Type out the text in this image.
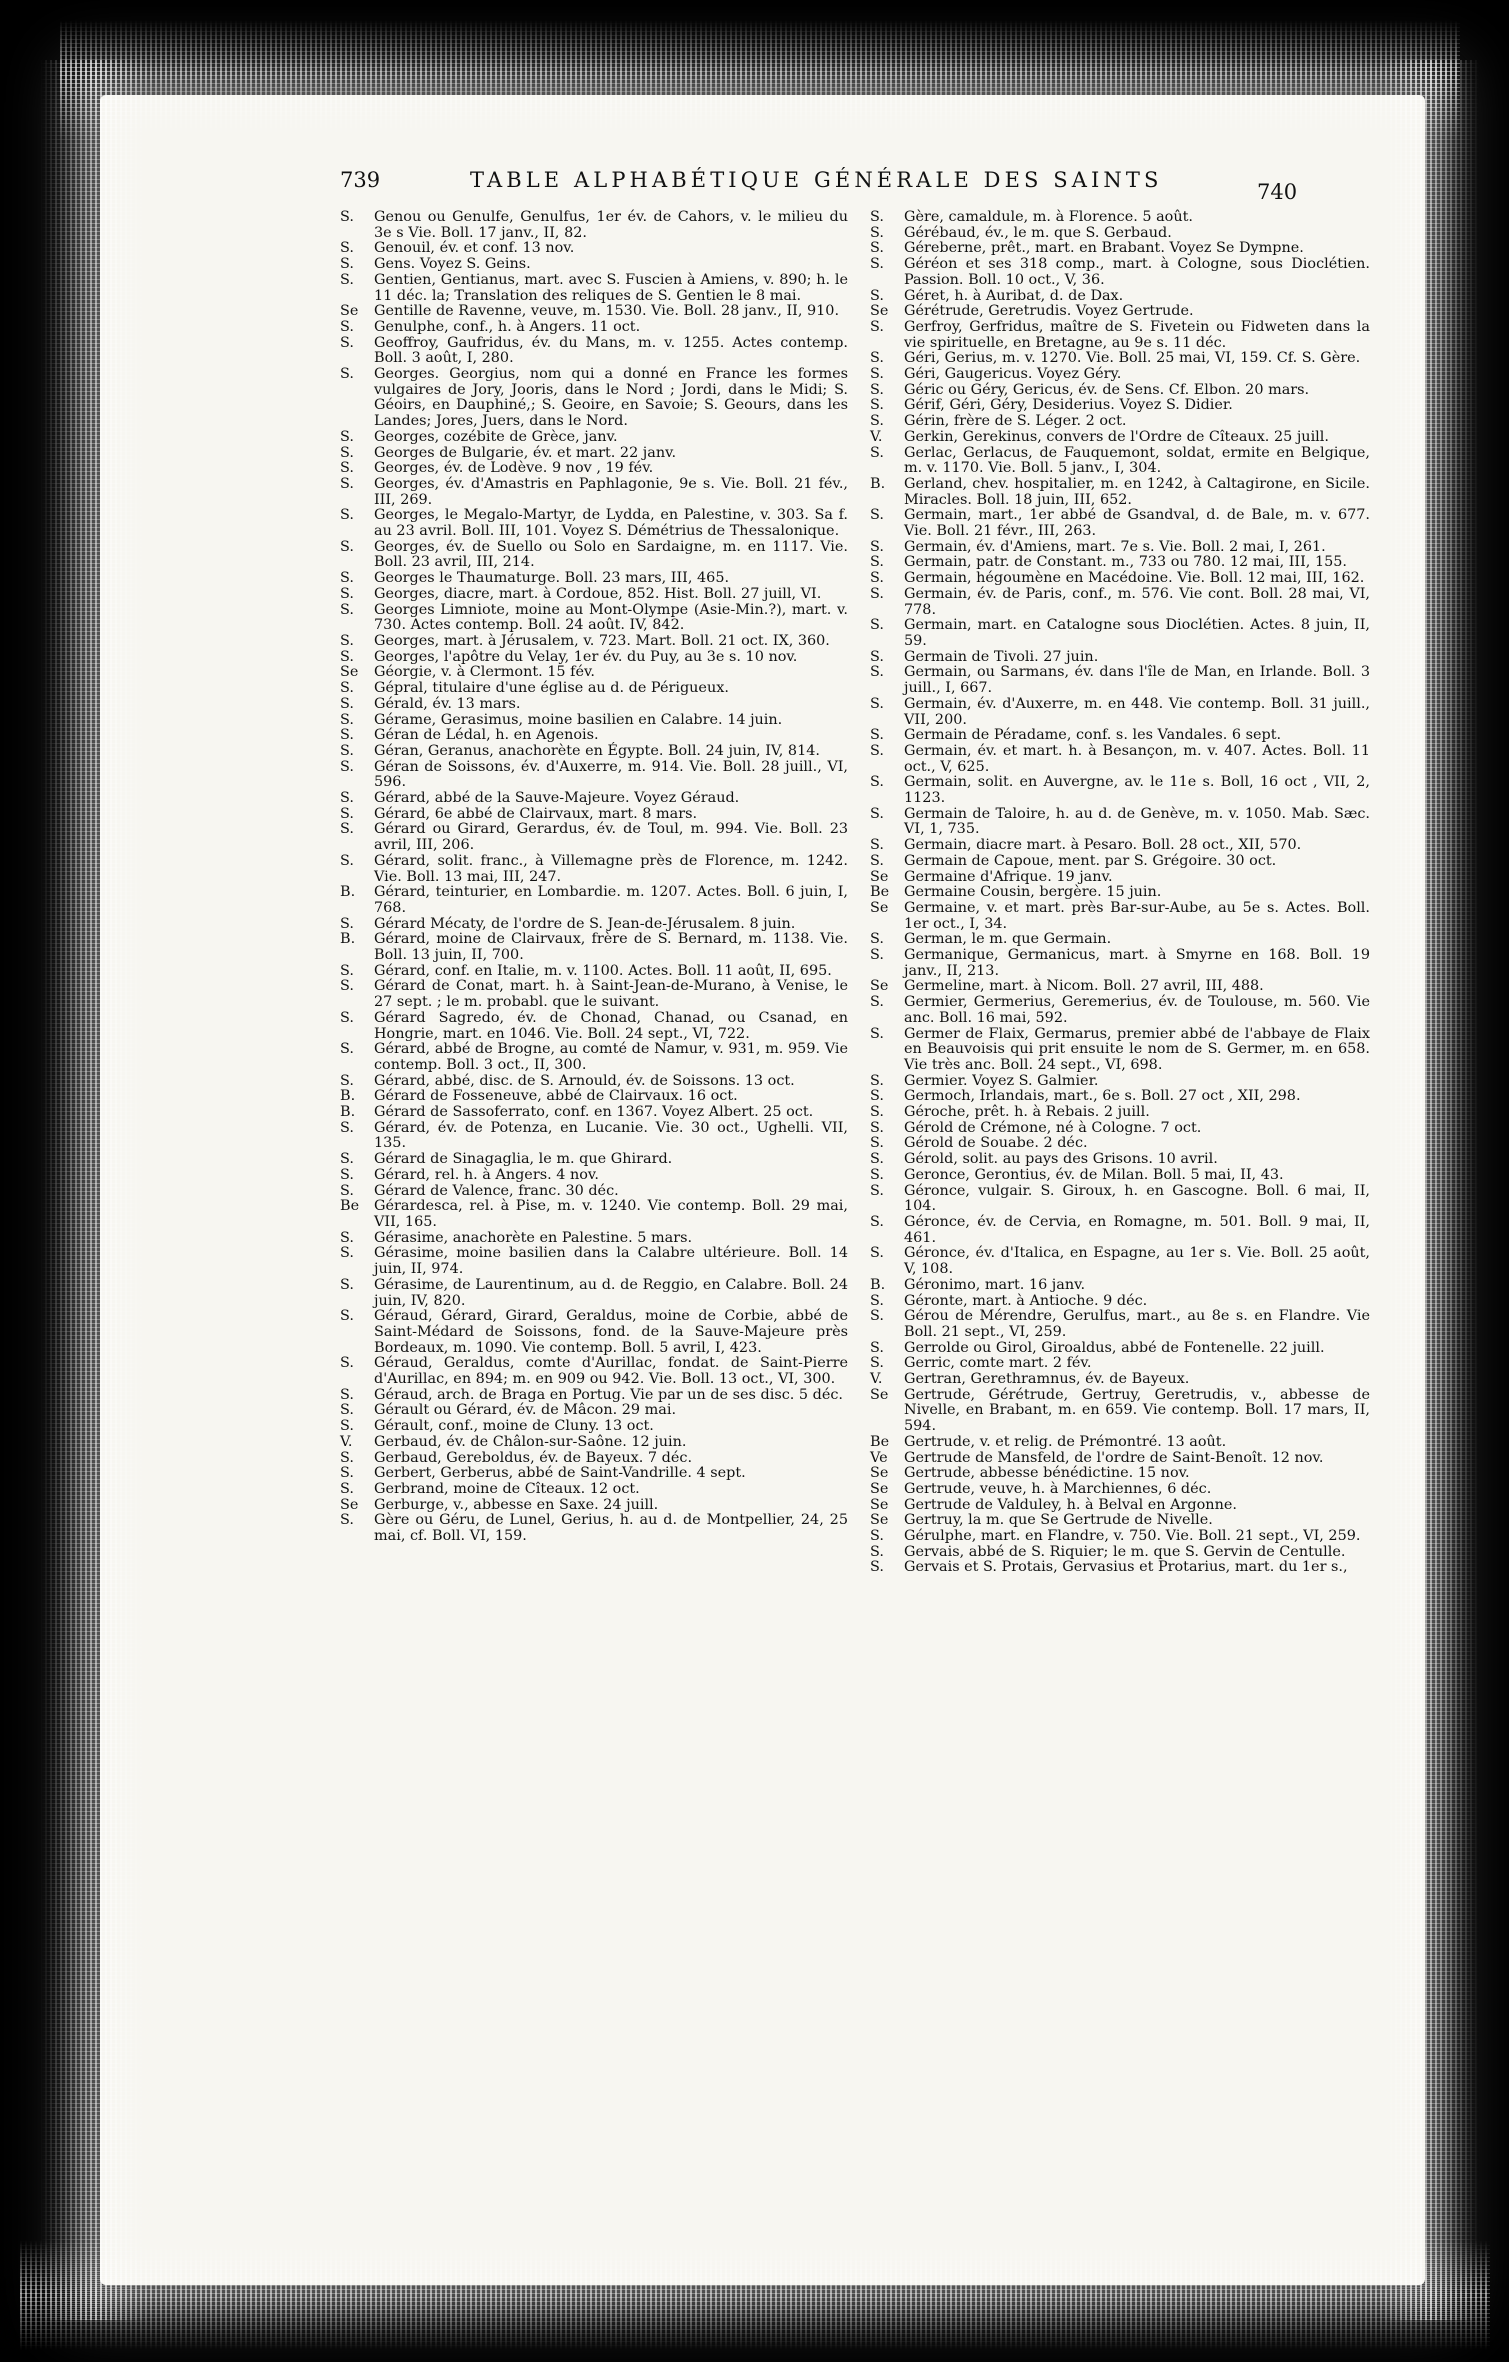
739	TABLE ALPHABÉTIQUE GÉNÉRALE DES SAINTS	740
S.	Genou ou Genulfe, Genulfus, 1er év. de Cahors, v. le milieu du 3e s Vie. Boll. 17 janv., II, 82.
S.	Genouil, év. et conf. 13 nov.
S.	Gens. Voyez S. Geins.
S.	Gentien, Gentianus, mart. avec S. Fuscien à Amiens, v. 890; h. le 11 déc. la; Translation des reliques de S. Gentien le 8 mai.
Se	Gentille de Ravenne, veuve, m. 1530. Vie. Boll. 28 janv., II, 910.
S.	Genulphe, conf., h. à Angers. 11 oct.
S.	Geoffroy, Gaufridus, év. du Mans, m. v. 1255. Actes contemp. Boll. 3 août, I, 280.
S.	Georges. Georgius, nom qui a donné en France les formes vulgaires de Jory, Jooris, dans le Nord ; Jordi, dans le Midi; S. Géoirs, en Dauphiné,; S. Geoire, en Savoie; S. Geours, dans les Landes; Jores, Juers, dans le Nord.
S.	Georges, cozébite de Grèce, janv.
S.	Georges de Bulgarie, év. et mart. 22 janv.
S.	Georges, év. de Lodève. 9 nov , 19 fév.
S.	Georges, év. d'Amastris en Paphlagonie, 9e s. Vie. Boll. 21 fév., III, 269.
S.	Georges, le Megalo-Martyr, de Lydda, en Palestine, v. 303. Sa f. au 23 avril. Boll. III, 101. Voyez S. Démétrius de Thessalonique.
S.	Georges, év. de Suello ou Solo en Sardaigne, m. en 1117. Vie. Boll. 23 avril, III, 214.
S.	Georges le Thaumaturge. Boll. 23 mars, III, 465.
S.	Georges, diacre, mart. à Cordoue, 852. Hist. Boll. 27 juill, VI.
S.	Georges Limniote, moine au Mont-Olympe (Asie-Min.?), mart. v. 730. Actes contemp. Boll. 24 août. IV, 842.
S.	Georges, mart. à Jérusalem, v. 723. Mart. Boll. 21 oct. IX, 360.
S.	Georges, l'apôtre du Velay, 1er év. du Puy, au 3e s. 10 nov.
Se	Géorgie, v. à Clermont. 15 fév.
S.	Gépral, titulaire d'une église au d. de Périgueux.
S.	Gérald, év. 13 mars.
S.	Gérame, Gerasimus, moine basilien en Calabre. 14 juin.
S.	Géran de Lédal, h. en Agenois.
S.	Géran, Geranus, anachorète en Égypte. Boll. 24 juin, IV, 814.
S.	Géran de Soissons, év. d'Auxerre, m. 914. Vie. Boll. 28 juill., VI, 596.
S.	Gérard, abbé de la Sauve-Majeure. Voyez Géraud.
S.	Gérard, 6e abbé de Clairvaux, mart. 8 mars.
S.	Gérard ou Girard, Gerardus, év. de Toul, m. 994. Vie. Boll. 23 avril, III, 206.
S.	Gérard, solit. franc., à Villemagne près de Florence, m. 1242. Vie. Boll. 13 mai, III, 247.
B.	Gérard, teinturier, en Lombardie. m. 1207. Actes. Boll. 6 juin, I, 768.
S.	Gérard Mécaty, de l'ordre de S. Jean-de-Jérusalem. 8 juin.
B.	Gérard, moine de Clairvaux, frère de S. Bernard, m. 1138. Vie. Boll. 13 juin, II, 700.
S.	Gérard, conf. en Italie, m. v. 1100. Actes. Boll. 11 août, II, 695.
S.	Gérard de Conat, mart. h. à Saint-Jean-de-Murano, à Venise, le 27 sept. ; le m. probabl. que le suivant.
S.	Gérard Sagredo, év. de Chonad, Chanad, ou Csanad, en Hongrie, mart. en 1046. Vie. Boll. 24 sept., VI, 722.
S.	Gérard, abbé de Brogne, au comté de Namur, v. 931, m. 959. Vie contemp. Boll. 3 oct., II, 300.
S.	Gérard, abbé, disc. de S. Arnould, év. de Soissons. 13 oct.
B.	Gérard de Fosseneuve, abbé de Clairvaux. 16 oct.
B.	Gérard de Sassoferrato, conf. en 1367. Voyez Albert. 25 oct.
S.	Gérard, év. de Potenza, en Lucanie. Vie. 30 oct., Ughelli. VII, 135.
S.	Gérard de Sinagaglia, le m. que Ghirard.
S.	Gérard, rel. h. à Angers. 4 nov.
S.	Gérard de Valence, franc. 30 déc.
Be	Gérardesca, rel. à Pise, m. v. 1240. Vie contemp. Boll. 29 mai, VII, 165.
S.	Gérasime, anachorète en Palestine. 5 mars.
S.	Gérasime, moine basilien dans la Calabre ultérieure. Boll. 14 juin, II, 974.
S.	Gérasime, de Laurentinum, au d. de Reggio, en Calabre. Boll. 24 juin, IV, 820.
S.	Géraud, Gérard, Girard, Geraldus, moine de Corbie, abbé de Saint-Médard de Soissons, fond. de la Sauve-Majeure près Bordeaux, m. 1090. Vie contemp. Boll. 5 avril, I, 423.
S.	Géraud, Geraldus, comte d'Aurillac, fondat. de Saint-Pierre d'Aurillac, en 894; m. en 909 ou 942. Vie. Boll. 13 oct., VI, 300.
S.	Géraud, arch. de Braga en Portug. Vie par un de ses disc. 5 déc.
S.	Gérault ou Gérard, év. de Mâcon. 29 mai.
S.	Gérault, conf., moine de Cluny. 13 oct.
V.	Gerbaud, év. de Châlon-sur-Saône. 12 juin.
S.	Gerbaud, Gereboldus, év. de Bayeux. 7 déc.
S.	Gerbert, Gerberus, abbé de Saint-Vandrille. 4 sept.
S.	Gerbrand, moine de Cîteaux. 12 oct.
Se	Gerburge, v., abbesse en Saxe. 24 juill.
S.	Gère ou Géru, de Lunel, Gerius, h. au d. de Montpellier, 24, 25 mai, cf. Boll. VI, 159.
S.	Gère, camaldule, m. à Florence. 5 août.
S.	Gérébaud, év., le m. que S. Gerbaud.
S.	Géreberne, prêt., mart. en Brabant. Voyez Se Dympne.
S.	Géréon et ses 318 comp., mart. à Cologne, sous Dioclétien. Passion. Boll. 10 oct., V, 36.
S.	Géret, h. à Auribat, d. de Dax.
Se	Gérétrude, Geretrudis. Voyez Gertrude.
S.	Gerfroy, Gerfridus, maître de S. Fivetein ou Fidweten dans la vie spirituelle, en Bretagne, au 9e s. 11 déc.
S.	Géri, Gerius, m. v. 1270. Vie. Boll. 25 mai, VI, 159. Cf. S. Gère.
S.	Géri, Gaugericus. Voyez Géry.
S.	Géric ou Géry, Gericus, év. de Sens. Cf. Elbon. 20 mars.
S.	Gérif, Géri, Géry, Desiderius. Voyez S. Didier.
S.	Gérin, frère de S. Léger. 2 oct.
V.	Gerkin, Gerekinus, convers de l'Ordre de Cîteaux. 25 juill.
S.	Gerlac, Gerlacus, de Fauquemont, soldat, ermite en Belgique, m. v. 1170. Vie. Boll. 5 janv., I, 304.
B.	Gerland, chev. hospitalier, m. en 1242, à Caltagirone, en Sicile. Miracles. Boll. 18 juin, III, 652.
S.	Germain, mart., 1er abbé de Gsandval, d. de Bale, m. v. 677. Vie. Boll. 21 févr., III, 263.
S.	Germain, év. d'Amiens, mart. 7e s. Vie. Boll. 2 mai, I, 261.
S.	Germain, patr. de Constant. m., 733 ou 780. 12 mai, III, 155.
S.	Germain, hégoumène en Macédoine. Vie. Boll. 12 mai, III, 162.
S.	Germain, év. de Paris, conf., m. 576. Vie cont. Boll. 28 mai, VI, 778.
S.	Germain, mart. en Catalogne sous Dioclétien. Actes. 8 juin, II, 59.
S.	Germain de Tivoli. 27 juin.
S.	Germain, ou Sarmans, év. dans l'île de Man, en Irlande. Boll. 3 juill., I, 667.
S.	Germain, év. d'Auxerre, m. en 448. Vie contemp. Boll. 31 juill., VII, 200.
S.	Germain de Péradame, conf. s. les Vandales. 6 sept.
S.	Germain, év. et mart. h. à Besançon, m. v. 407. Actes. Boll. 11 oct., V, 625.
S.	Germain, solit. en Auvergne, av. le 11e s. Boll, 16 oct , VII, 2, 1123.
S.	Germain de Taloire, h. au d. de Genève, m. v. 1050. Mab. Sæc. VI, 1, 735.
S.	Germain, diacre mart. à Pesaro. Boll. 28 oct., XII, 570.
S.	Germain de Capoue, ment. par S. Grégoire. 30 oct.
Se	Germaine d'Afrique. 19 janv.
Be	Germaine Cousin, bergère. 15 juin.
Se	Germaine, v. et mart. près Bar-sur-Aube, au 5e s. Actes. Boll. 1er oct., I, 34.
S.	German, le m. que Germain.
S.	Germanique, Germanicus, mart. à Smyrne en 168. Boll. 19 janv., II, 213.
Se	Germeline, mart. à Nicom. Boll. 27 avril, III, 488.
S.	Germier, Germerius, Geremerius, év. de Toulouse, m. 560. Vie anc. Boll. 16 mai, 592.
S.	Germer de Flaix, Germarus, premier abbé de l'abbaye de Flaix en Beauvoisis qui prit ensuite le nom de S. Germer, m. en 658. Vie très anc. Boll. 24 sept., VI, 698.
S.	Germier. Voyez S. Galmier.
S.	Germoch, Irlandais, mart., 6e s. Boll. 27 oct , XII, 298.
S.	Géroche, prêt. h. à Rebais. 2 juill.
S.	Gérold de Crémone, né à Cologne. 7 oct.
S.	Gérold de Souabe. 2 déc.
S.	Gérold, solit. au pays des Grisons. 10 avril.
S.	Geronce, Gerontius, év. de Milan. Boll. 5 mai, II, 43.
S.	Géronce, vulgair. S. Giroux, h. en Gascogne. Boll. 6 mai, II, 104.
S.	Géronce, év. de Cervia, en Romagne, m. 501. Boll. 9 mai, II, 461.
S.	Géronce, év. d'Italica, en Espagne, au 1er s. Vie. Boll. 25 août, V, 108.
B.	Géronimo, mart. 16 janv.
S.	Géronte, mart. à Antioche. 9 déc.
S.	Gérou de Mérendre, Gerulfus, mart., au 8e s. en Flandre. Vie Boll. 21 sept., VI, 259.
S.	Gerrolde ou Girol, Giroaldus, abbé de Fontenelle. 22 juill.
S.	Gerric, comte mart. 2 fév.
V.	Gertran, Gerethramnus, év. de Bayeux.
Se	Gertrude, Gérétrude, Gertruy, Geretrudis, v., abbesse de Nivelle, en Brabant, m. en 659. Vie contemp. Boll. 17 mars, II, 594.
Be	Gertrude, v. et relig. de Prémontré. 13 août.
Ve	Gertrude de Mansfeld, de l'ordre de Saint-Benoît. 12 nov.
Se	Gertrude, abbesse bénédictine. 15 nov.
Se	Gertrude, veuve, h. à Marchiennes, 6 déc.
Se	Gertrude de Valduley, h. à Belval en Argonne.
Se	Gertruy, la m. que Se Gertrude de Nivelle.
S.	Gérulphe, mart. en Flandre, v. 750. Vie. Boll. 21 sept., VI, 259.
S.	Gervais, abbé de S. Riquier; le m. que S. Gervin de Centulle.
S.	Gervais et S. Protais, Gervasius et Protarius, mart. du 1er s.,
